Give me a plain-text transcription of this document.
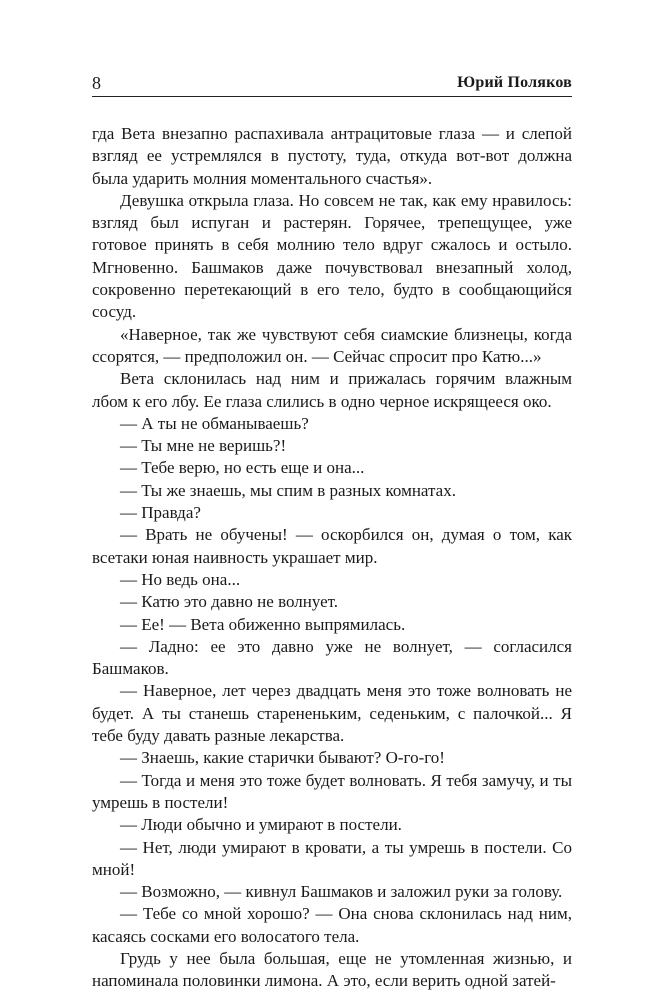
8	Юрий Поляков

гда Вета внезапно распахивала антрацитовые глаза — и слепой взгляд ее устремлялся в пустоту, туда, откуда вот-вот должна была ударить молния моментального счастья».

Девушка открыла глаза. Но совсем не так, как ему нравилось: взгляд был испуган и растерян. Горячее, трепещущее, уже готовое принять в себя молнию тело вдруг сжалось и остыло. Мгновенно. Башмаков даже почувствовал внезапный холод, сокровенно перетекающий в его тело, будто в сообщающийся сосуд.

«Наверное, так же чувствуют себя сиамские близнецы, когда ссорятся, — предположил он. — Сейчас спросит про Катю...»

Вета склонилась над ним и прижалась горячим влажным лбом к его лбу. Ее глаза слились в одно черное искрящееся око.

— А ты не обманываешь?

— Ты мне не веришь?!

— Тебе верю, но есть еще и она...

— Ты же знаешь, мы спим в разных комнатах.

— Правда?

— Врать не обучены! — оскорбился он, думая о том, как всетаки юная наивность украшает мир.

— Но ведь она...

— Катю это давно не волнует.

— Ее! — Вета обиженно выпрямилась.

— Ладно: ее это давно уже не волнует, — согласился Башмаков.

— Наверное, лет через двадцать меня это тоже волновать не будет. А ты станешь старененьким, седеньким, с палочкой... Я тебе буду давать разные лекарства.

— Знаешь, какие старички бывают? О-го-го!

— Тогда и меня это тоже будет волновать. Я тебя замучу, и ты умрешь в постели!

— Люди обычно и умирают в постели.

— Нет, люди умирают в кровати, а ты умрешь в постели. Со мной!

— Возможно, — кивнул Башмаков и заложил руки за голову.

— Тебе со мной хорошо? — Она снова склонилась над ним, касаясь сосками его волосатого тела.

Грудь у нее была большая, еще не утомленная жизнью, и напоминала половинки лимона. А это, если верить одной затей-
